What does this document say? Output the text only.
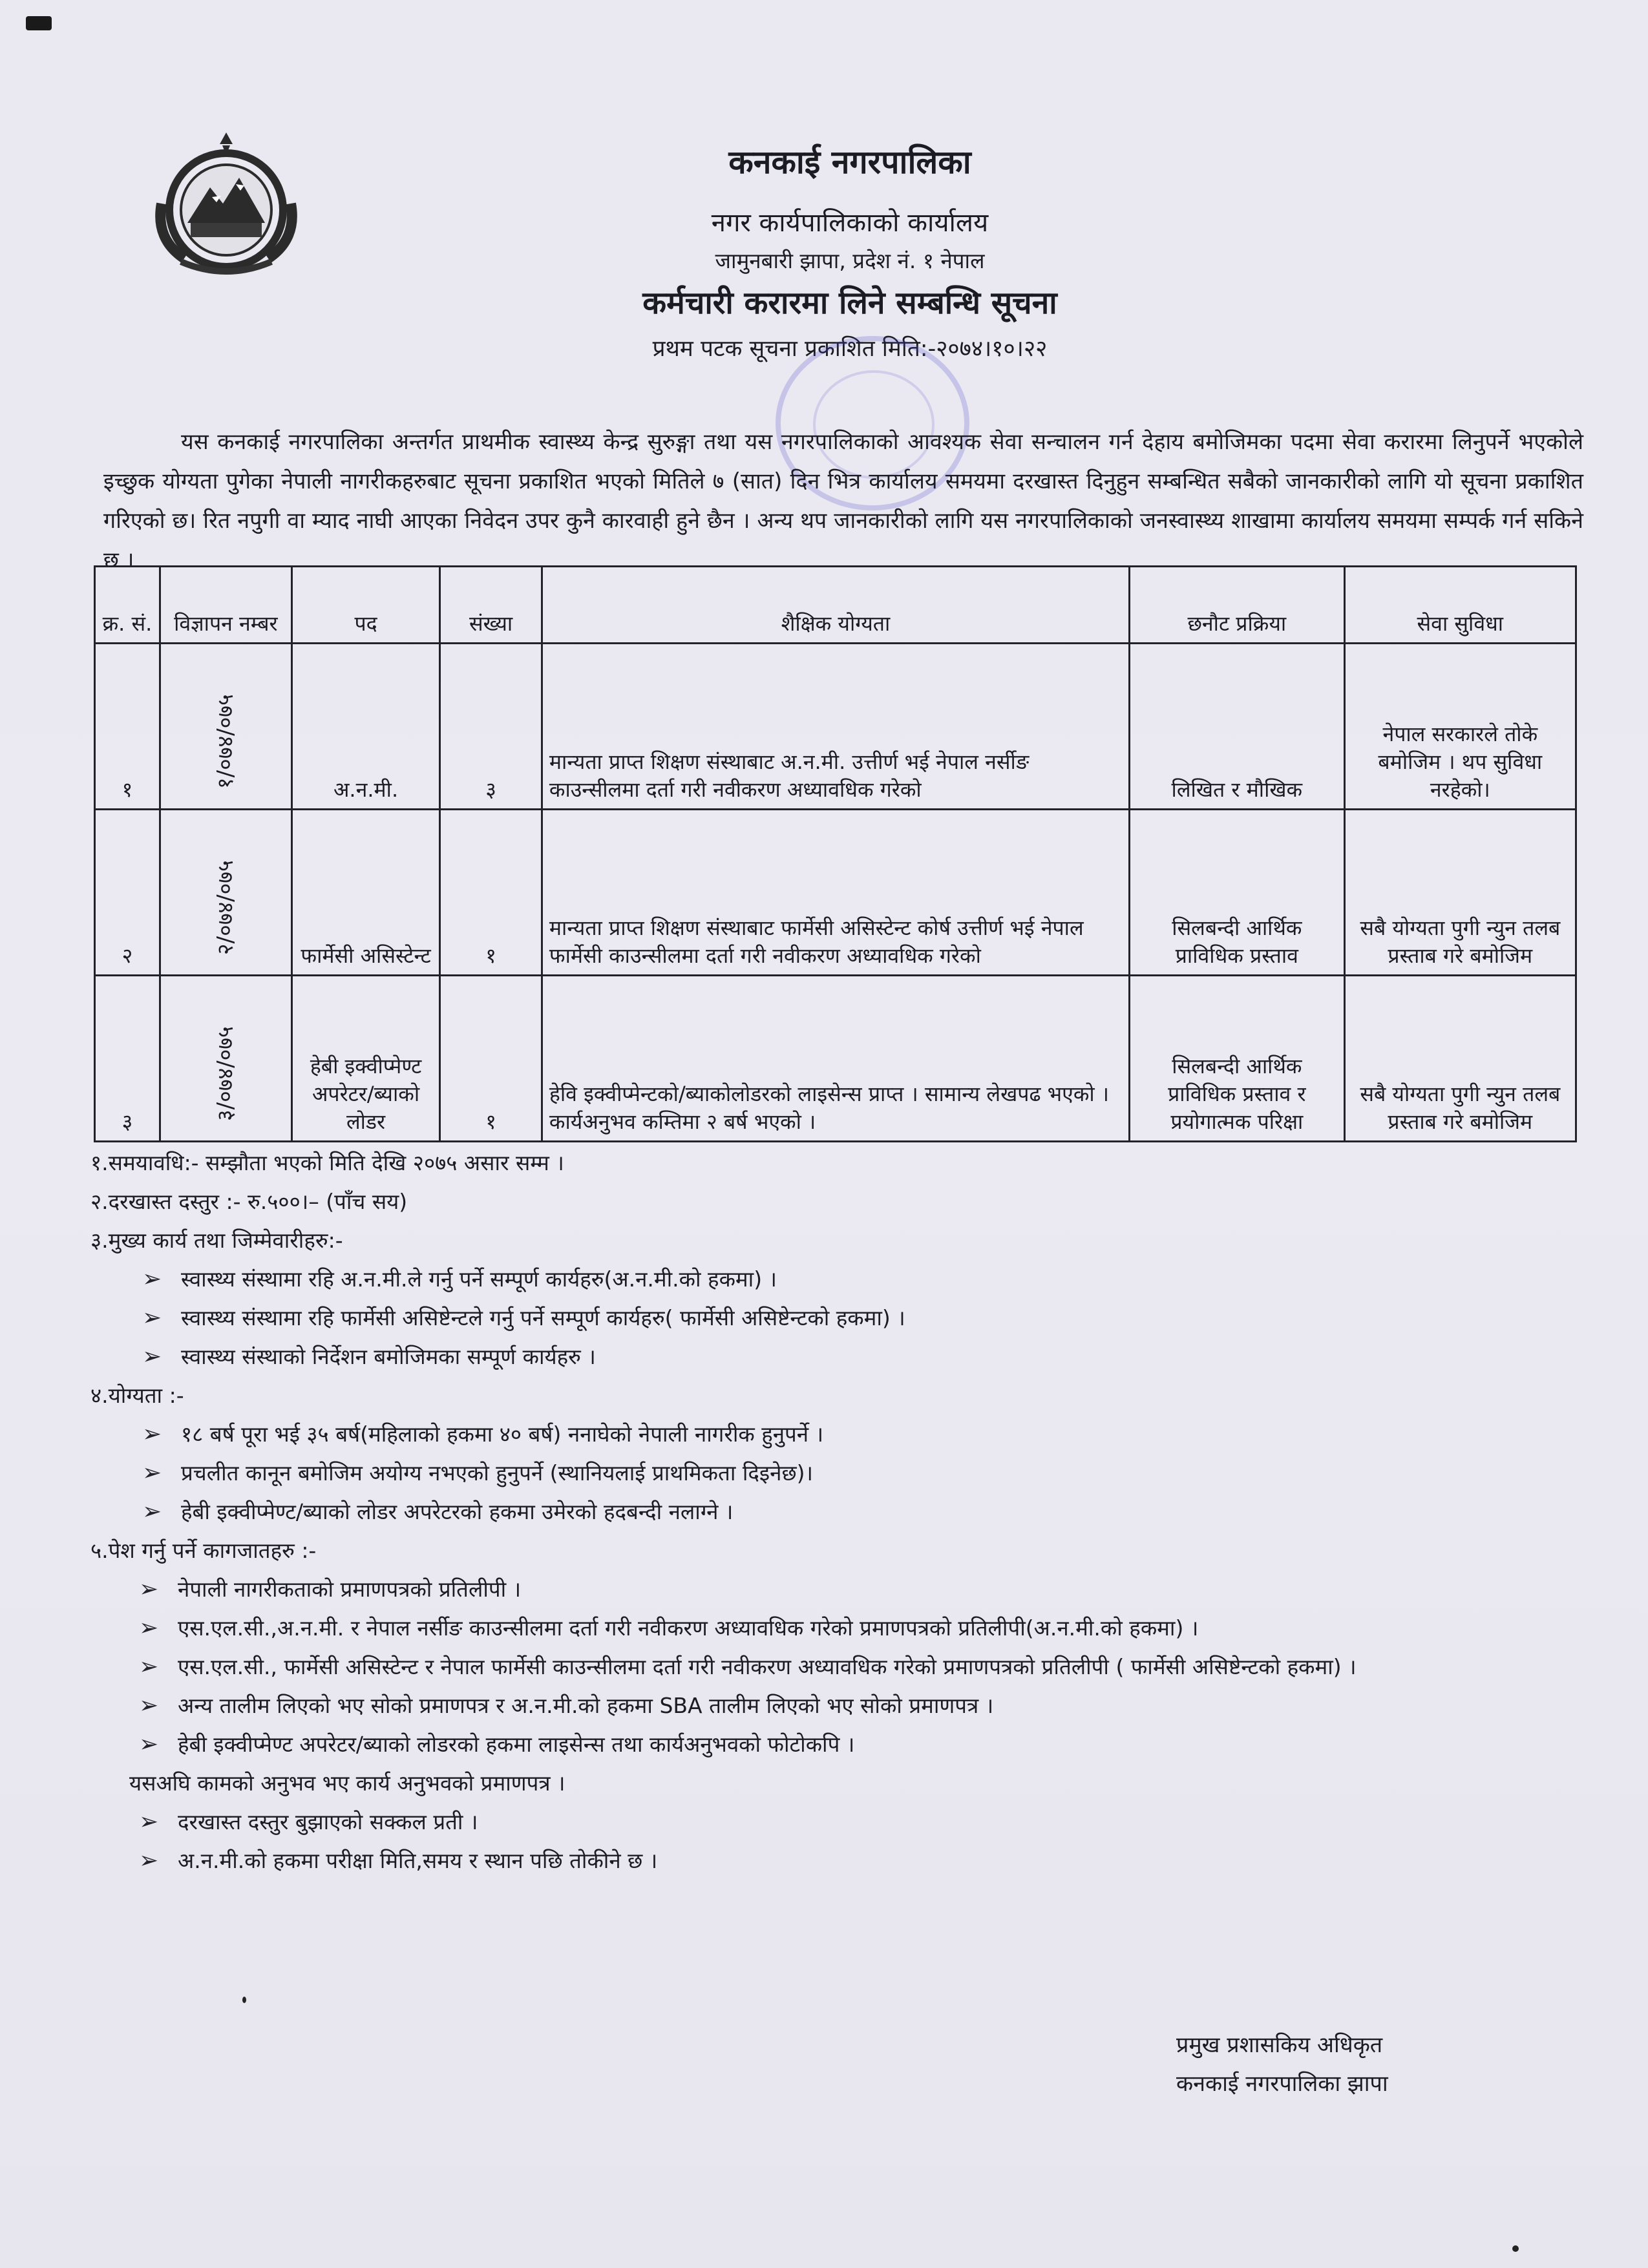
कनकाई नगरपालिका
नगर कार्यपालिकाको कार्यालय
जामुनबारी झापा, प्रदेश नं. १ नेपाल
कर्मचारी करारमा लिने सम्बन्धि सूचना
प्रथम पटक सूचना प्रकाशित मिति:-२०७४।१०।२२

यस कनकाई नगरपालिका अन्तर्गत प्राथमीक स्वास्थ्य केन्द्र सुरुङ्गा तथा यस नगरपालिकाको आवश्यक सेवा सन्चालन गर्न देहाय बमोजिमका पदमा सेवा करारमा लिनुपर्ने भएकोले इच्छुक योग्यता पुगेका नेपाली नागरीकहरुबाट सूचना प्रकाशित भएको मितिले ७ (सात) दिन भित्र कार्यालय समयमा दरखास्त दिनुहुन सम्बन्धित सबैको जानकारीको लागि यो सूचना प्रकाशित गरिएको छ। रित नपुगी वा म्याद नाघी आएका निवेदन उपर कुनै कारवाही हुने छैन । अन्य थप जानकारीको लागि यस नगरपालिकाको जनस्वास्थ्य शाखामा कार्यालय समयमा सम्पर्क गर्न सकिने छ ।

क्र. सं.	विज्ञापन नम्बर	पद	संख्या	शैक्षिक योग्यता	छनौट प्रक्रिया	सेवा सुविधा
१	१/०७४/०७५	अ.न.मी.	३	मान्यता प्राप्त शिक्षण संस्थाबाट अ.न.मी. उत्तीर्ण भई नेपाल नर्सीङ काउन्सीलमा दर्ता गरी नवीकरण अध्यावधिक गरेको	लिखित र मौखिक	नेपाल सरकारले तोके बमोजिम । थप सुविधा नरहेको।
२	२/०७४/०७५	फार्मेसी असिस्टेन्ट	१	मान्यता प्राप्त शिक्षण संस्थाबाट फार्मेसी असिस्टेन्ट कोर्ष उत्तीर्ण भई नेपाल फार्मेसी काउन्सीलमा दर्ता गरी नवीकरण अध्यावधिक गरेको	सिलबन्दी आर्थिक प्राविधिक प्रस्ताव	सबै योग्यता पुगी न्युन तलब प्रस्ताब गरे बमोजिम
३	३/०७४/०७५	हेबी इक्वीप्मेण्ट अपरेटर/ब्याको लोडर	१	हेवि इक्वीप्मेन्टको/ब्याकोलोडरको लाइसेन्स प्राप्त । सामान्य लेखपढ भएको । कार्यअनुभव कम्तिमा २ बर्ष भएको ।	सिलबन्दी आर्थिक प्राविधिक प्रस्ताव र प्रयोगात्मक परिक्षा	सबै योग्यता पुगी न्युन तलब प्रस्ताब गरे बमोजिम

१.समयावधि:- सम्झौता भएको मिति देखि २०७५ असार सम्म ।

२.दरखास्त दस्तुर :- रु.५००।– (पाँच सय)

३.मुख्य कार्य तथा जिम्मेवारीहरु:-

➢ स्वास्थ्य संस्थामा रहि अ.न.मी.ले गर्नु पर्ने सम्पूर्ण कार्यहरु(अ.न.मी.को हकमा) ।
➢ स्वास्थ्य संस्थामा रहि फार्मेसी असिष्टेन्टले गर्नु पर्ने सम्पूर्ण कार्यहरु( फार्मेसी असिष्टेन्टको हकमा) ।
➢ स्वास्थ्य संस्थाको निर्देशन बमोजिमका सम्पूर्ण कार्यहरु ।

४.योग्यता :-

➢ १८ बर्ष पूरा भई ३५ बर्ष(महिलाको हकमा ४० बर्ष) ननाघेको नेपाली नागरीक हुनुपर्ने ।
➢ प्रचलीत कानून बमोजिम अयोग्य नभएको हुनुपर्ने (स्थानियलाई प्राथमिकता दिइनेछ)।
➢ हेबी इक्वीप्मेण्ट/ब्याको लोडर अपरेटरको हकमा उमेरको हदबन्दी नलाग्ने ।

५.पेश गर्नु पर्ने कागजातहरु :-

➢ नेपाली नागरीकताको प्रमाणपत्रको प्रतिलीपी ।
➢ एस.एल.सी.,अ.न.मी. र नेपाल नर्सीङ काउन्सीलमा दर्ता गरी नवीकरण अध्यावधिक गरेको प्रमाणपत्रको प्रतिलीपी(अ.न.मी.को हकमा) ।
➢ एस.एल.सी., फार्मेसी असिस्टेन्ट र नेपाल फार्मेसी काउन्सीलमा दर्ता गरी नवीकरण अध्यावधिक गरेको प्रमाणपत्रको प्रतिलीपी ( फार्मेसी असिष्टेन्टको हकमा) ।
➢ अन्य तालीम लिएको भए सोको प्रमाणपत्र र अ.न.मी.को हकमा SBA तालीम लिएको भए सोको प्रमाणपत्र ।
➢ हेबी इक्वीप्मेण्ट अपरेटर/ब्याको लोडरको हकमा लाइसेन्स तथा कार्यअनुभवको फोटोकपि ।

यसअघि कामको अनुभव भए कार्य अनुभवको प्रमाणपत्र ।

➢ दरखास्त दस्तुर बुझाएको सक्कल प्रती ।
➢ अ.न.मी.को हकमा परीक्षा मिति,समय र स्थान पछि तोकीने छ ।
प्रमुख प्रशासकिय अधिकृत
कनकाई नगरपालिका झापा
